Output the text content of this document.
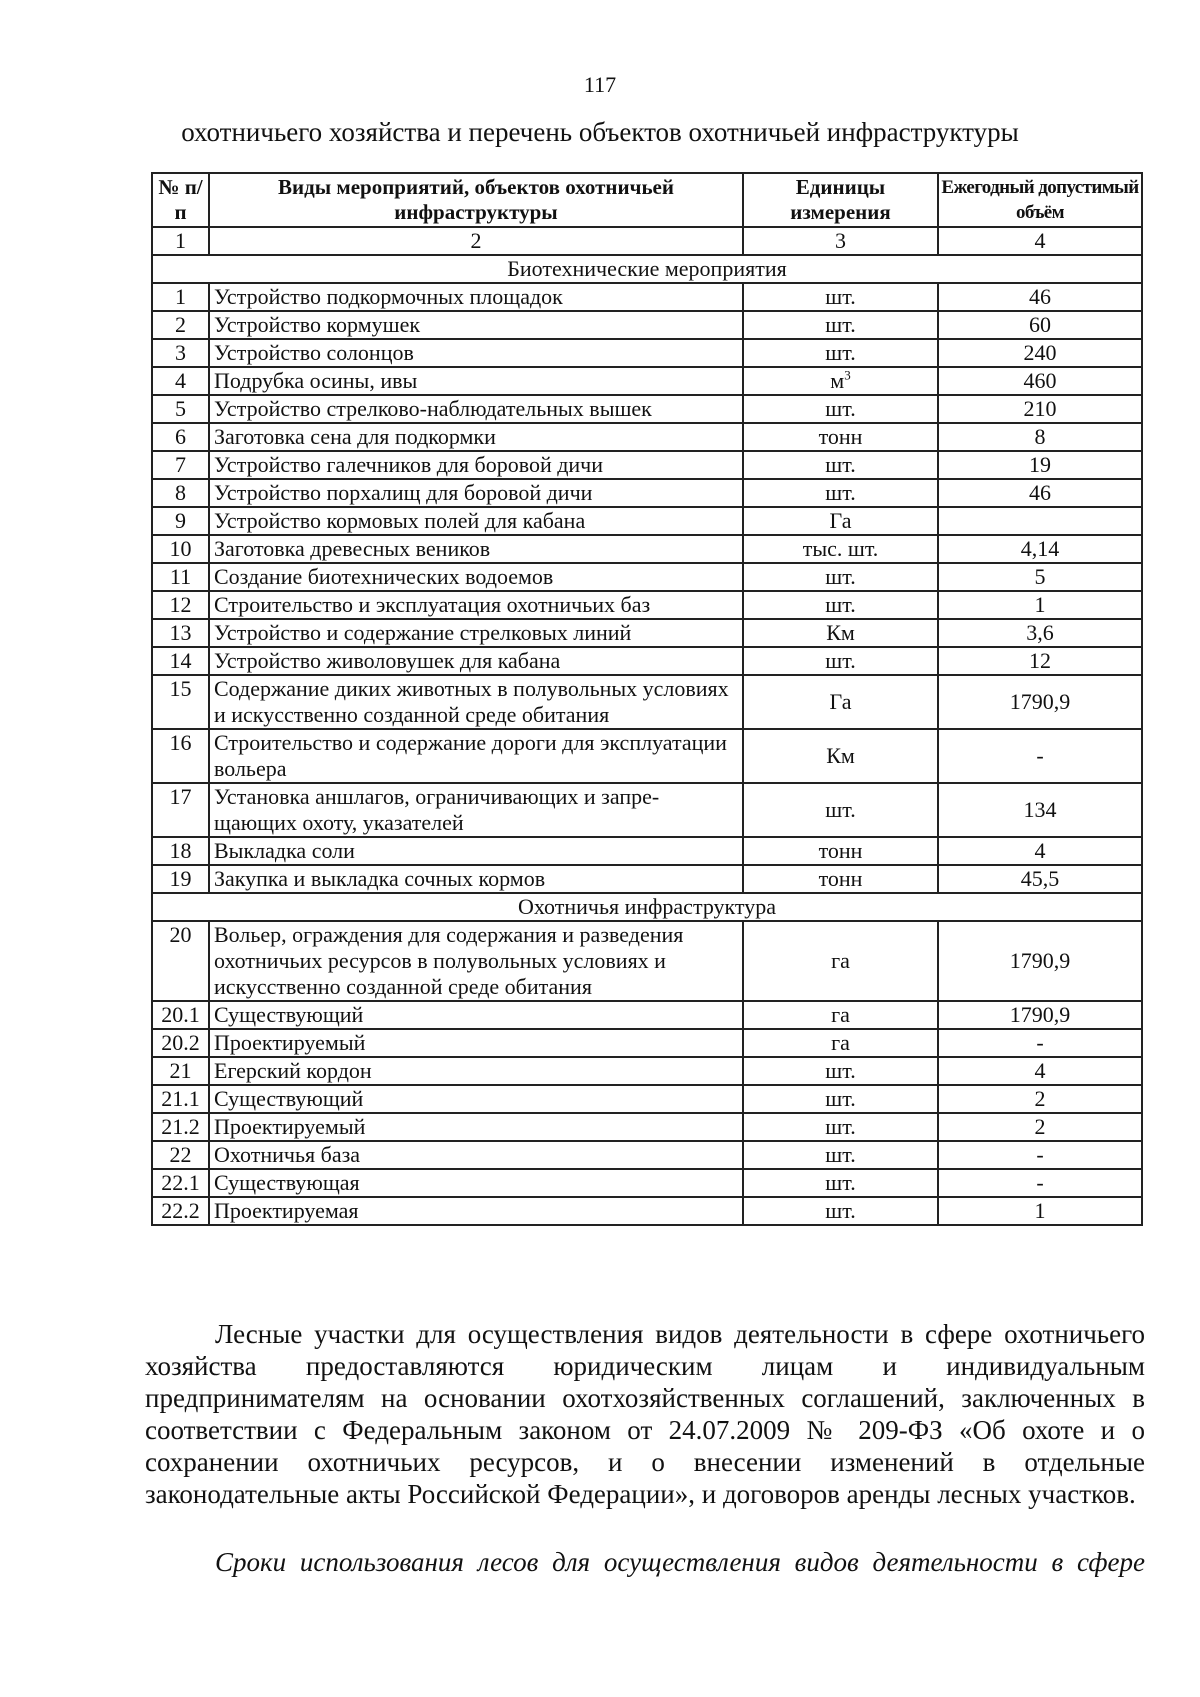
117
охотничьего хозяйства и перечень объектов охотничьей инфраструктуры
№ п/п	Виды мероприятий, объектов охотничьей инфраструктуры	Единицы измерения	Ежегодный допустимый объём
1	2	3	4
Биотехнические мероприятия			
1	Устройство подкормочных площадок	шт.	46
2	Устройство кормушек	шт.	60
3	Устройство солонцов	шт.	240
4	Подрубка осины, ивы	$м^3$	460
5	Устройство стрелково-наблюдательных вышек	шт.	210
6	Заготовка сена для подкормки	тонн	8
7	Устройство галечников для боровой дичи	шт.	19
8	Устройство порхалищ для боровой дичи	шт.	46
9	Устройство кормовых полей для кабана	Га	
10	Заготовка древесных веников	тыс. шт.	4,14
11	Создание биотехнических водоемов	шт.	5
12	Строительство и эксплуатация охотничьих баз	шт.	1
13	Устройство и содержание стрелковых линий	Км	3,6
14	Устройство живоловушек для кабана	шт.	12
15	Содержание диких животных в полувольных условиях и искусственно созданной среде обитания	Га	1790,9
16	Строительство и содержание дороги для эксплуатации вольера	Км	-
17	Установка аншлагов, ограничивающих и запре-щающих охоту, указателей	шт.	134
18	Выкладка соли	тонн	4
19	Закупка и выкладка сочных кормов	тонн	45,5
Охотничья инфраструктура			
20	Вольер, ограждения для содержания и разведения охотничьих ресурсов в полувольных условиях и искусственно созданной среде обитания	га	1790,9
20.1	Существующий	га	1790,9
20.2	Проектируемый	га	-
21	Егерский кордон	шт.	4
21.1	Существующий	шт.	2
21.2	Проектируемый	шт.	2
22	Охотничья база	шт.	-
22.1	Существующая	шт.	-
22.2	Проектируемая	шт.	1

Лесные участки для осуществления видов деятельности в сфере охотничьего хозяйства предоставляются юридическим лицам и индивидуальным предпринимателям на основании охотхозяйственных соглашений, заключенных в соответствии с Федеральным законом от 24.07.2009 № 209-ФЗ «Об охоте и о сохранении охотничьих ресурсов, и о внесении изменений в отдельные законодательные акты Российской Федерации», и договоров аренды лесных участков.

Сроки использования лесов для осуществления видов деятельности в сфере
